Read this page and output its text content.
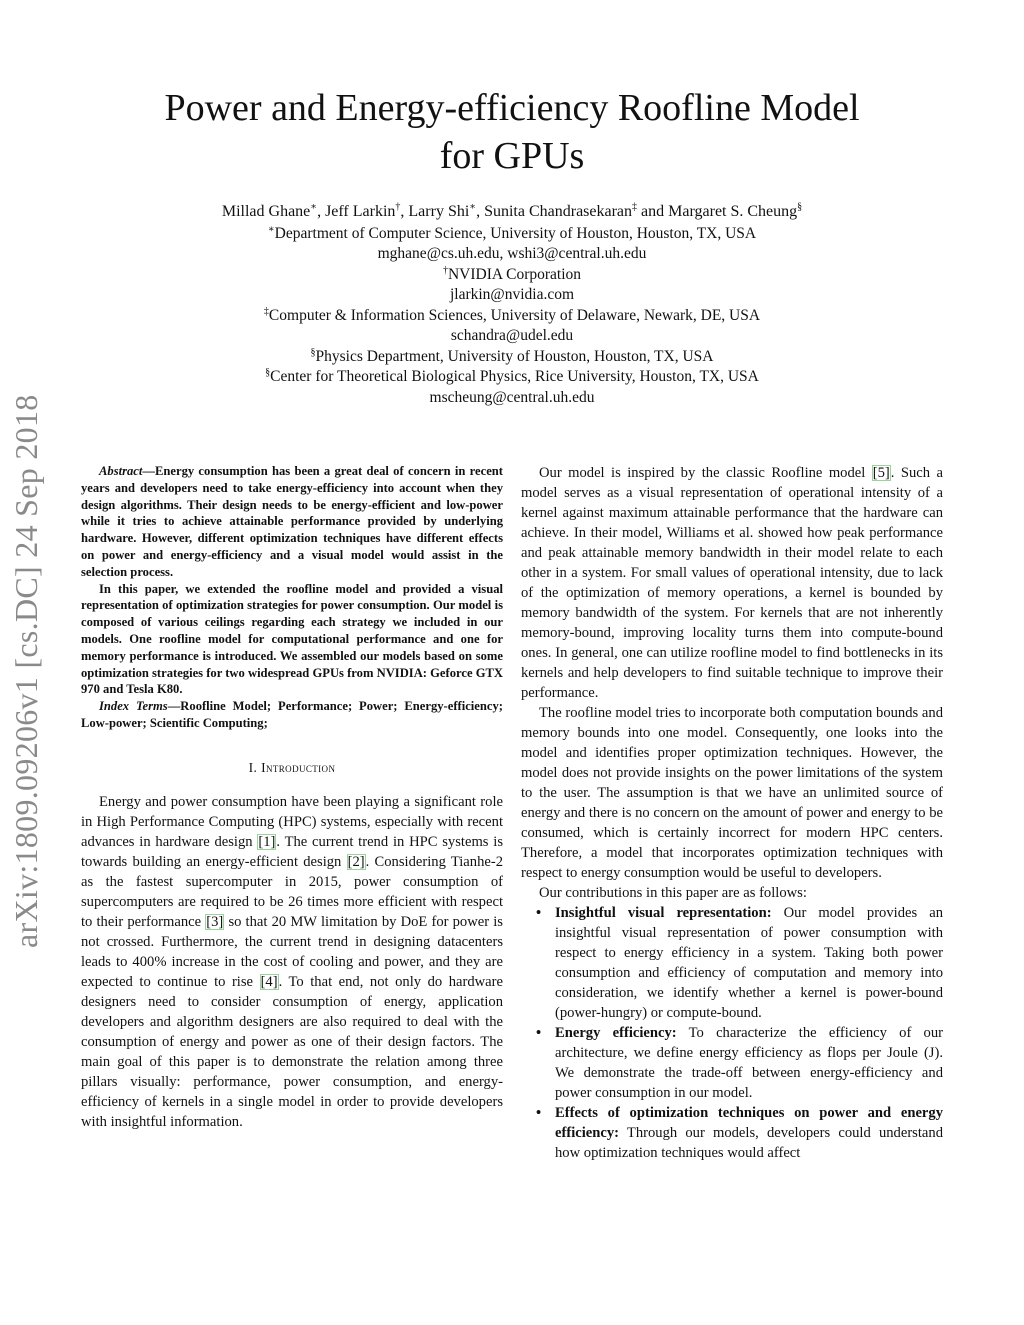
arXiv:1809.09206v1 [cs.DC] 24 Sep 2018
Power and Energy-efficiency Roofline Model
for GPUs
Millad Ghane∗, Jeff Larkin†, Larry Shi∗, Sunita Chandrasekaran‡ and Margaret S. Cheung§
∗Department of Computer Science, University of Houston, Houston, TX, USA
mghane@cs.uh.edu, wshi3@central.uh.edu
†NVIDIA Corporation
jlarkin@nvidia.com
‡Computer & Information Sciences, University of Delaware, Newark, DE, USA
schandra@udel.edu
§Physics Department, University of Houston, Houston, TX, USA
§Center for Theoretical Biological Physics, Rice University, Houston, TX, USA
mscheung@central.uh.edu

Abstract—Energy consumption has been a great deal of concern in recent years and developers need to take energy-efficiency into account when they design algorithms. Their design needs to be energy-efficient and low-power while it tries to achieve attainable performance provided by underlying hardware. However, different optimization techniques have different effects on power and energy-efficiency and a visual model would assist in the selection process.

In this paper, we extended the roofline model and provided a visual representation of optimization strategies for power consumption. Our model is composed of various ceilings regarding each strategy we included in our models. One roofline model for computational performance and one for memory performance is introduced. We assembled our models based on some optimization strategies for two widespread GPUs from NVIDIA: Geforce GTX 970 and Tesla K80.

Index Terms—Roofline Model; Performance; Power; Energy-efficiency; Low-power; Scientific Computing;

I. Introduction

Energy and power consumption have been playing a significant role in High Performance Computing (HPC) systems, especially with recent advances in hardware design [1]. The current trend in HPC systems is towards building an energy-efficient design [2]. Considering Tianhe-2 as the fastest supercomputer in 2015, power consumption of supercomputers are required to be 26 times more efficient with respect to their performance [3] so that 20 MW limitation by DoE for power is not crossed. Furthermore, the current trend in designing datacenters leads to 400% increase in the cost of cooling and power, and they are expected to continue to rise [4]. To that end, not only do hardware designers need to consider consumption of energy, application developers and algorithm designers are also required to deal with the consumption of energy and power as one of their design factors. The main goal of this paper is to demonstrate the relation among three pillars visually: performance, power consumption, and energy-efficiency of kernels in a single model in order to provide developers with insightful information.

Our model is inspired by the classic Roofline model [5]. Such a model serves as a visual representation of operational intensity of a kernel against maximum attainable performance that the hardware can achieve. In their model, Williams et al. showed how peak performance and peak attainable memory bandwidth in their model relate to each other in a system. For small values of operational intensity, due to lack of the optimization of memory operations, a kernel is bounded by memory bandwidth of the system. For kernels that are not inherently memory-bound, improving locality turns them into compute-bound ones. In general, one can utilize roofline model to find bottlenecks in its kernels and help developers to find suitable technique to improve their performance.

The roofline model tries to incorporate both computation bounds and memory bounds into one model. Consequently, one looks into the model and identifies proper optimization techniques. However, the model does not provide insights on the power limitations of the system to the user. The assumption is that we have an unlimited source of energy and there is no concern on the amount of power and energy to be consumed, which is certainly incorrect for modern HPC centers. Therefore, a model that incorporates optimization techniques with respect to energy consumption would be useful to developers.

Our contributions in this paper are as follows:

• Insightful visual representation: Our model provides an insightful visual representation of power consumption with respect to energy efficiency in a system. Taking both power consumption and efficiency of computation and memory into consideration, we identify whether a kernel is power-bound (power-hungry) or compute-bound.
• Energy efficiency: To characterize the efficiency of our architecture, we define energy efficiency as flops per Joule (J). We demonstrate the trade-off between energy-efficiency and power consumption in our model.
• Effects of optimization techniques on power and energy efficiency: Through our models, developers could understand how optimization techniques would affect
